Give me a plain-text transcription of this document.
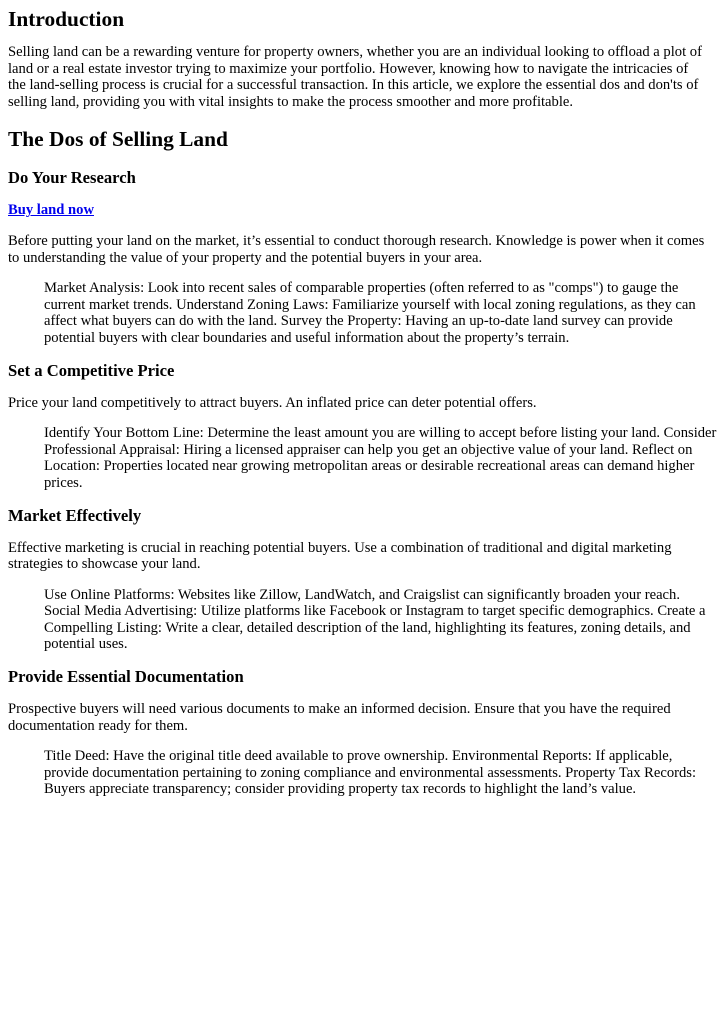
Introduction

Selling land can be a rewarding venture for property owners, whether you are an individual looking to offload a plot of land or a real estate investor trying to maximize your portfolio. However, knowing how to navigate the intricacies of the land-selling process is crucial for a successful transaction. In this article, we explore the essential dos and don'ts of selling land, providing you with vital insights to make the process smoother and more profitable.

The Dos of Selling Land
Do Your Research

Buy land now

Before putting your land on the market, it’s essential to conduct thorough research. Knowledge is power when it comes to understanding the value of your property and the potential buyers in your area.

Market Analysis: Look into recent sales of comparable properties (often referred to as "comps") to gauge the
current market trends. Understand Zoning Laws: Familiarize yourself with local zoning regulations, as they can
affect what buyers can do with the land. Survey the Property: Having an up-to-date land survey can provide
potential buyers with clear boundaries and useful information about the property’s terrain.
Set a Competitive Price

Price your land competitively to attract buyers. An inflated price can deter potential offers.

Identify Your Bottom Line: Determine the least amount you are willing to accept before listing your land. Consider
Professional Appraisal: Hiring a licensed appraiser can help you get an objective value of your land. Reflect on
Location: Properties located near growing metropolitan areas or desirable recreational areas can demand higher
prices.
Market Effectively

Effective marketing is crucial in reaching potential buyers. Use a combination of traditional and digital marketing strategies to showcase your land.

Use Online Platforms: Websites like Zillow, LandWatch, and Craigslist can significantly broaden your reach.
Social Media Advertising: Utilize platforms like Facebook or Instagram to target specific demographics. Create a
Compelling Listing: Write a clear, detailed description of the land, highlighting its features, zoning details, and
potential uses.
Provide Essential Documentation

Prospective buyers will need various documents to make an informed decision. Ensure that you have the required documentation ready for them.

Title Deed: Have the original title deed available to prove ownership. Environmental Reports: If applicable,
provide documentation pertaining to zoning compliance and environmental assessments. Property Tax Records:
Buyers appreciate transparency; consider providing property tax records to highlight the land’s value.
